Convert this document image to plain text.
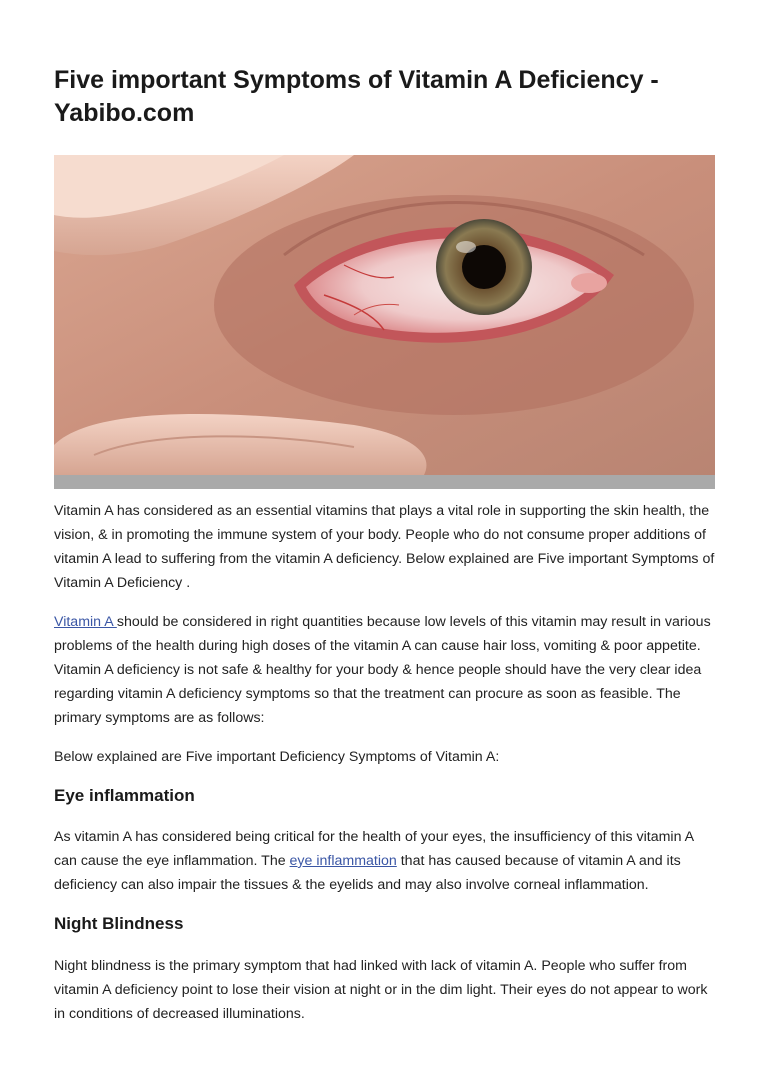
Five important Symptoms of Vitamin A Deficiency - Yabibo.com

Vitamin A has considered as an essential vitamins that plays a vital role in supporting the skin health, the vision, & in promoting the immune system of your body. People who do not consume proper additions of vitamin A lead to suffering from the vitamin A deficiency. Below explained are Five important Symptoms of Vitamin A Deficiency .

Vitamin A should be considered in right quantities because low levels of this vitamin may result in various problems of the health during high doses of the vitamin A can cause hair loss, vomiting & poor appetite. Vitamin A deficiency is not safe & healthy for your body & hence people should have the very clear idea regarding vitamin A deficiency symptoms so that the treatment can procure as soon as feasible. The primary symptoms are as follows:

Below explained are Five important Deficiency Symptoms of Vitamin A:

Eye inflammation

As vitamin A has considered being critical for the health of your eyes, the insufficiency of this vitamin A can cause the eye inflammation. The eye inflammation that has caused because of vitamin A and its deficiency can also impair the tissues & the eyelids and may also involve corneal inflammation.

Night Blindness

Night blindness is the primary symptom that had linked with lack of vitamin A. People who suffer from vitamin A deficiency point to lose their vision at night or in the dim light. Their eyes do not appear to work in conditions of decreased illuminations.
